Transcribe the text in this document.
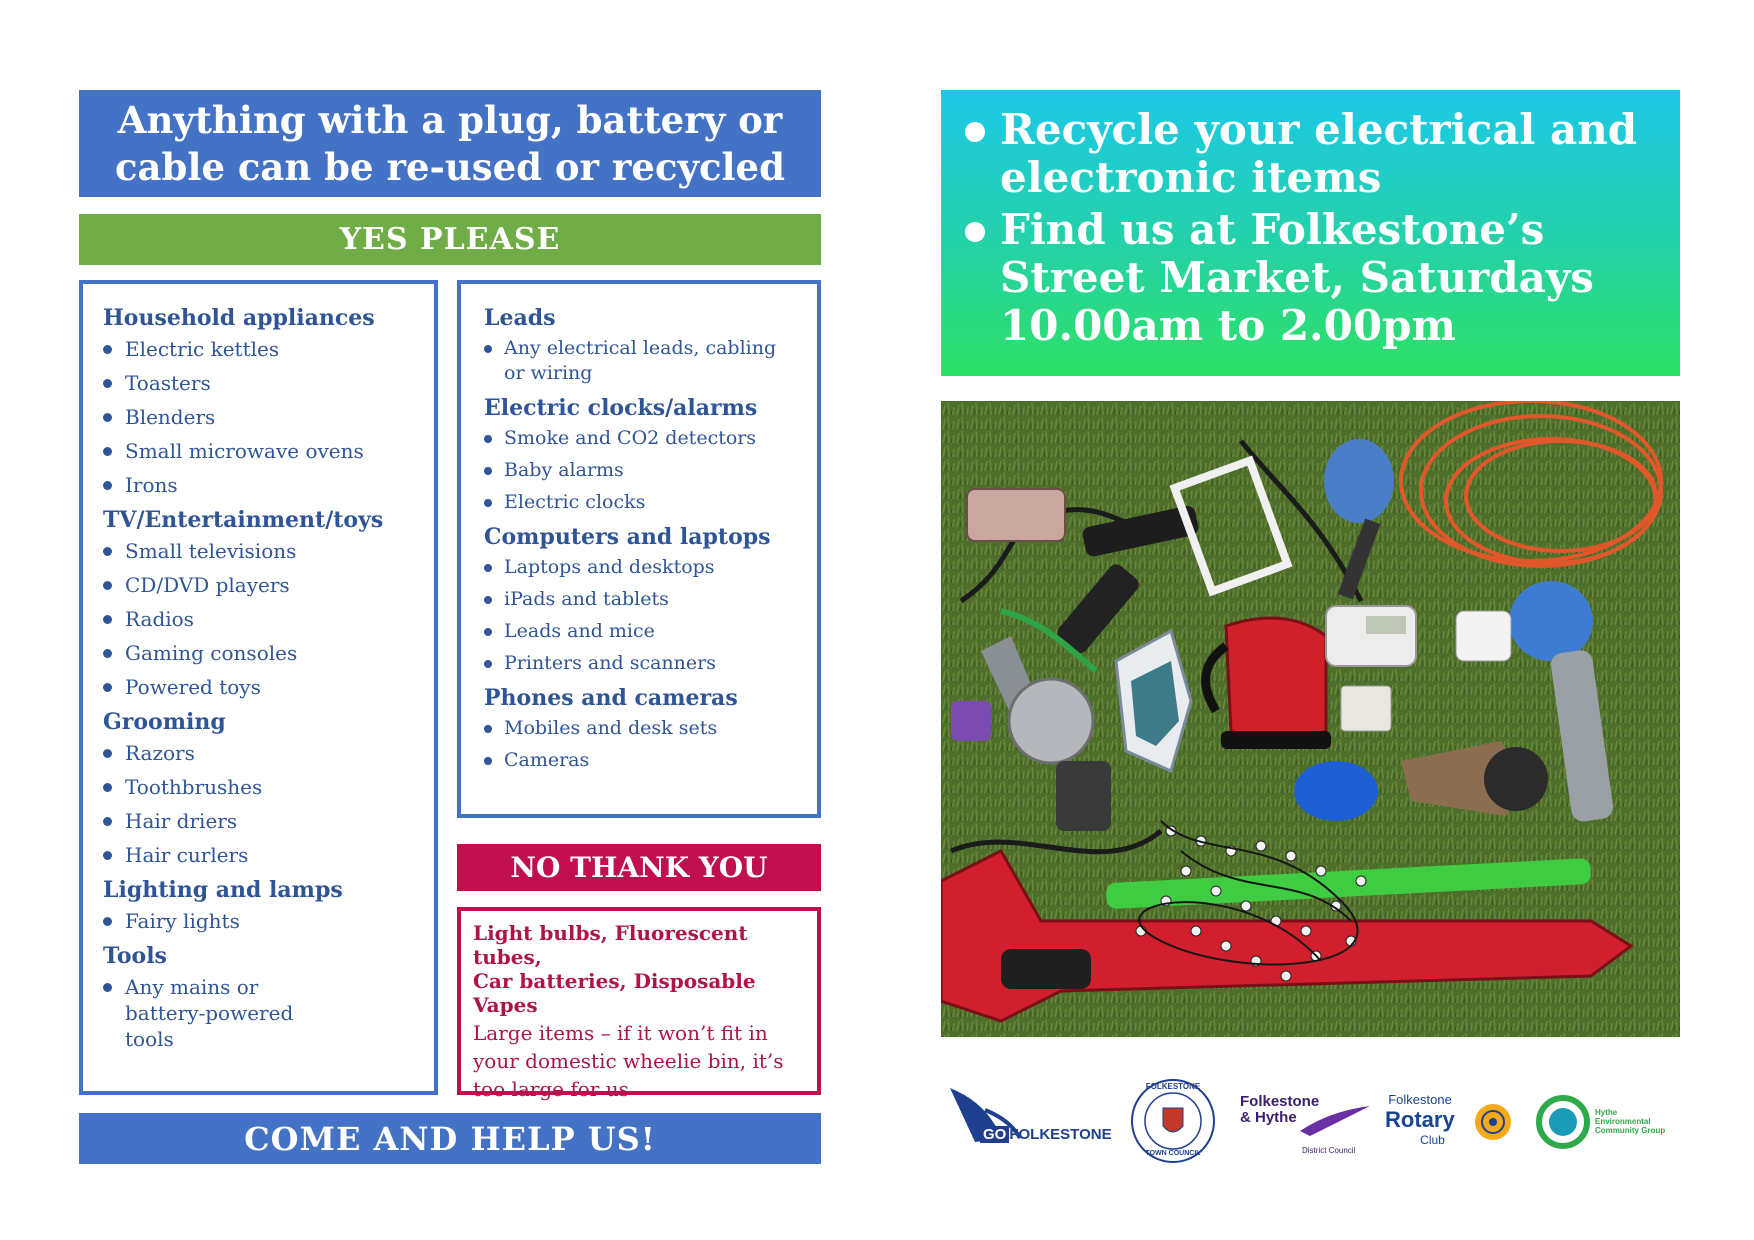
Anything with a plug, battery or cable can be re-used or recycled
YES PLEASE
Household appliances
Electric kettles
Toasters
Blenders
Small microwave ovens
Irons
TV/Entertainment/toys
Small televisions
CD/DVD players
Radios
Gaming consoles
Powered toys
Grooming
Razors
Toothbrushes
Hair driers
Hair curlers
Lighting and lamps
Fairy lights
Tools
Any mains or battery-powered tools
Leads
Any electrical leads, cabling or wiring
Electric clocks/alarms
Smoke and CO2 detectors
Baby alarms
Electric clocks
Computers and laptops
Laptops and desktops
iPads and tablets
Leads and mice
Printers and scanners
Phones and cameras
Mobiles and desk sets
Cameras
NO THANK YOU
Light bulbs, Fluorescent tubes,
Car batteries, Disposable Vapes
Large items – if it won’t fit in your domestic wheelie bin, it’s too large for us
COME AND HELP US!
Recycle your electrical and electronic items
Find us at Folkestone’s Street Market, Saturdays 10.00am to 2.00pm
GO FOLKESTONE
FOLKESTONE
TOWN COUNCIL
Folkestone
& Hythe
District Council
Folkestone
Rotary
Club
Hythe
Environmental
Community Group
